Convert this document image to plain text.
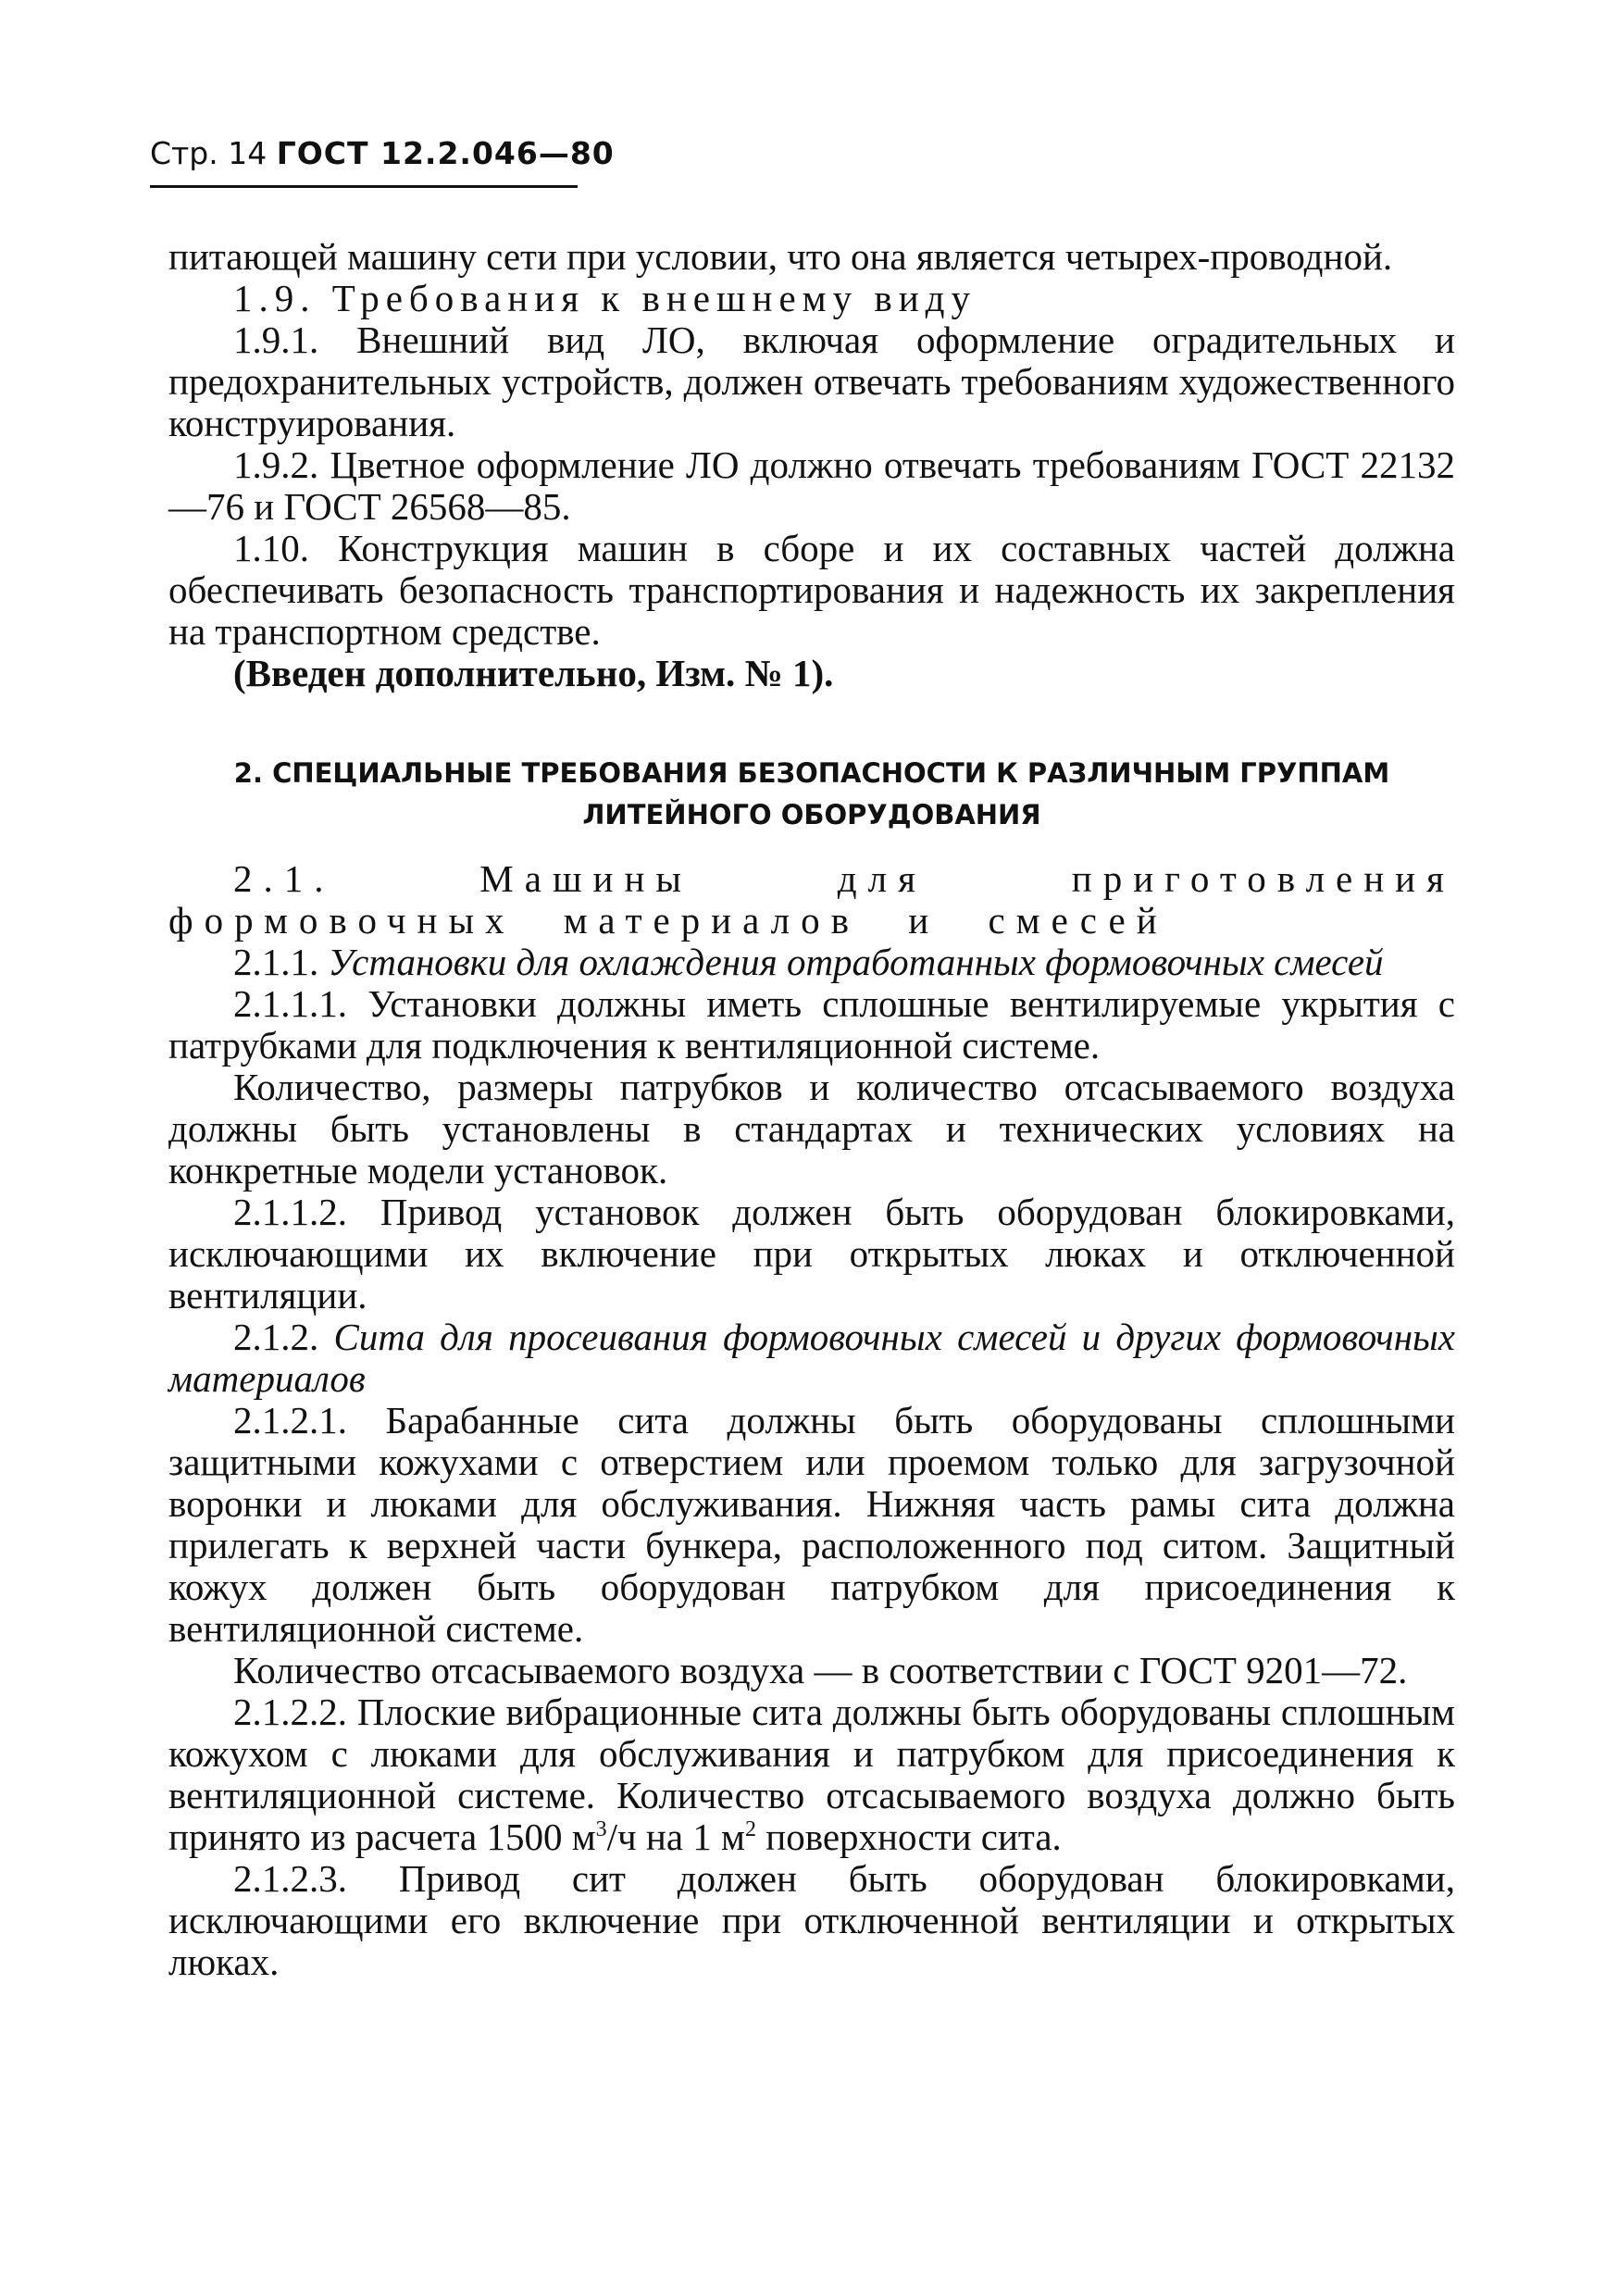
Стр. 14 ГОСТ 12.2.046—80

питающей машину сети при условии, что она является четырех-проводной.

1.9. Требования к внешнему виду

1.9.1. Внешний вид ЛО, включая оформление оградительных и предохранительных устройств, должен отвечать требованиям художественного конструирования.

1.9.2. Цветное оформление ЛО должно отвечать требованиям ГОСТ 22132—76 и ГОСТ 26568—85.

1.10. Конструкция машин в сборе и их составных частей должна обеспечивать безопасность транспортирования и надежность их закрепления на транспортном средстве.

(Введен дополнительно, Изм. № 1).

2. СПЕЦИАЛЬНЫЕ ТРЕБОВАНИЯ БЕЗОПАСНОСТИ К РАЗЛИЧНЫМ ГРУППАМ
ЛИТЕЙНОГО ОБОРУДОВАНИЯ

2.1. Машины для приготовления формовочных материалов и смесей

2.1.1. Установки для охлаждения отработанных формовочных смесей

2.1.1.1. Установки должны иметь сплошные вентилируемые укрытия с патрубками для подключения к вентиляционной системе.

Количество, размеры патрубков и количество отсасываемого воздуха должны быть установлены в стандартах и технических условиях на конкретные модели установок.

2.1.1.2. Привод установок должен быть оборудован блокировками, исключающими их включение при открытых люках и отключенной вентиляции.

2.1.2. Сита для просеивания формовочных смесей и других формовочных материалов

2.1.2.1. Барабанные сита должны быть оборудованы сплошными защитными кожухами с отверстием или проемом только для загрузочной воронки и люками для обслуживания. Нижняя часть рамы сита должна прилегать к верхней части бункера, расположенного под ситом. Защитный кожух должен быть оборудован патрубком для присоединения к вентиляционной системе.

Количество отсасываемого воздуха — в соответствии с ГОСТ 9201—72.

2.1.2.2. Плоские вибрационные сита должны быть оборудованы сплошным кожухом с люками для обслуживания и патрубком для присоединения к вентиляционной системе. Количество отсасываемого воздуха должно быть принято из расчета 1500 $м^3/ч$ на 1 $м^2$ поверхности сита.

2.1.2.3. Привод сит должен быть оборудован блокировками, исключающими его включение при отключенной вентиляции и открытых люках.
